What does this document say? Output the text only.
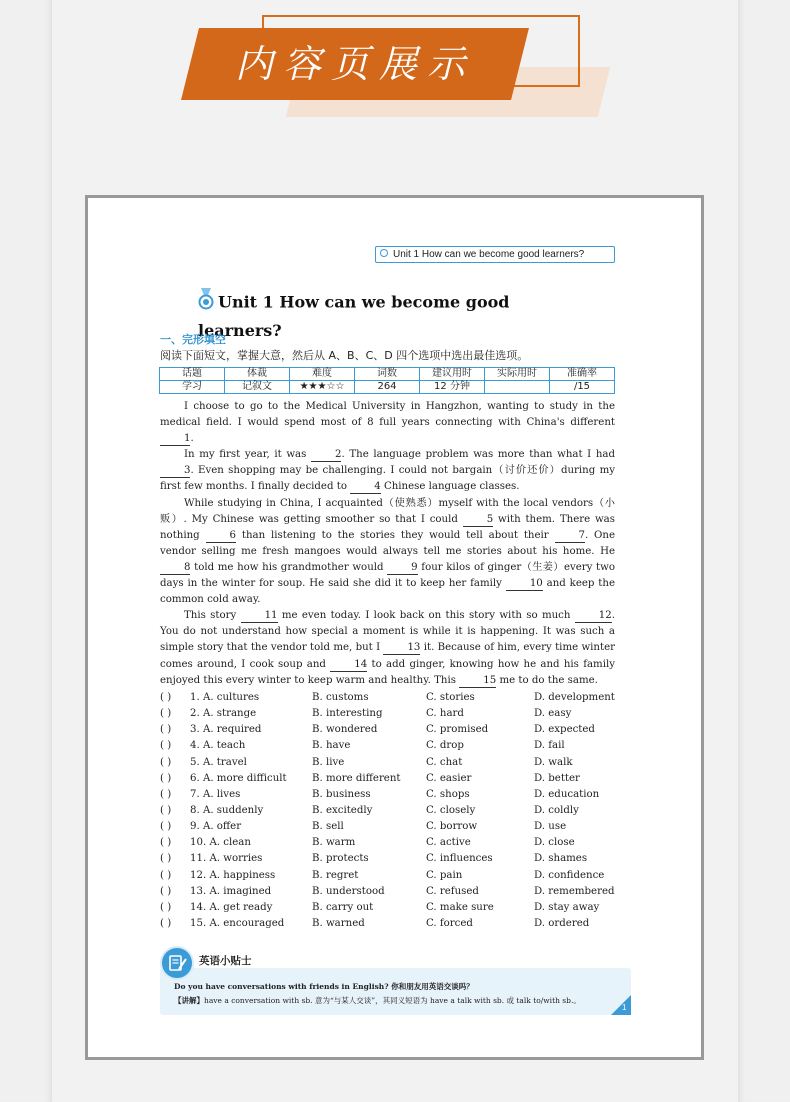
内容页展示
Unit 1 How can we become good learners?
Unit 1 How can we become good learners?
一、完形填空
阅读下面短文，掌握大意，然后从 A、B、C、D 四个选项中选出最佳选项。
话题	体裁	难度	词数	建议用时	实际用时	准确率
学习	记叙文	★★★☆☆	264	12 分钟		/15

I choose to go to the Medical University in Hangzhon, wanting to study in the medical field. I would spend most of 8 full years connecting with China's different 1.

In my first year, it was	2. The language problem was more than what I had 3. Even shopping may be challenging. I could not bargain（讨价还价）during my first few months. I finally decided to	4 Chinese language classes.

While studying in China, I acquainted（使熟悉）myself with the local vendors（小贩）. My Chinese was getting smoother so that I could	5 with them. There was nothing	6 than listening to the stories they would tell about their	7. One vendor selling me fresh mangoes would always tell me stories about his home. He 8 told me how his grandmother would	9 four kilos of ginger（生姜）every two days in the winter for soup. He said she did it to keep her family	10 and keep the common cold away.

This story	11 me even today. I look back on this story with so much	12. You do not understand how special a moment is while it is happening. It was such a simple story that the vendor told me, but I	13 it. Because of him, every time winter comes around, I cook soup and	14 to add ginger, knowing how he and his family enjoyed this every winter to keep warm and healthy. This	15 me to do the same.

( ) 1. A. cultures	B. customs	C. stories	D. development
( ) 2. A. strange	B. interesting	C. hard	D. easy
( ) 3. A. required	B. wondered	C. promised	D. expected
( ) 4. A. teach	B. have	C. drop	D. fail
( ) 5. A. travel	B. live	C. chat	D. walk
( ) 6. A. more difficult B. more different	C. easier	D. better
( ) 7. A. lives	B. business	C. shops	D. education
( ) 8. A. suddenly	B. excitedly	C. closely	D. coldly
( ) 9. A. offer	B. sell	C. borrow	D. use
( ) 10. A. clean	B. warm	C. active	D. close
( ) 11. A. worries	B. protects	C. influences	D. shames
( ) 12. A. happiness	B. regret	C. pain	D. confidence
( ) 13. A. imagined	B. understood	C. refused	D. remembered
( ) 14. A. get ready	B. carry out	C. make sure	D. stay away
( ) 15. A. encouraged	B. warned	C. forced	D. ordered
英语小贴士
Do you have conversations with friends in English? 你和朋友用英语交谈吗？
【讲解】have a conversation with sb. 意为“与某人交谈”，其同义短语为 have a talk with sb. 或 talk to/with sb.。
1
